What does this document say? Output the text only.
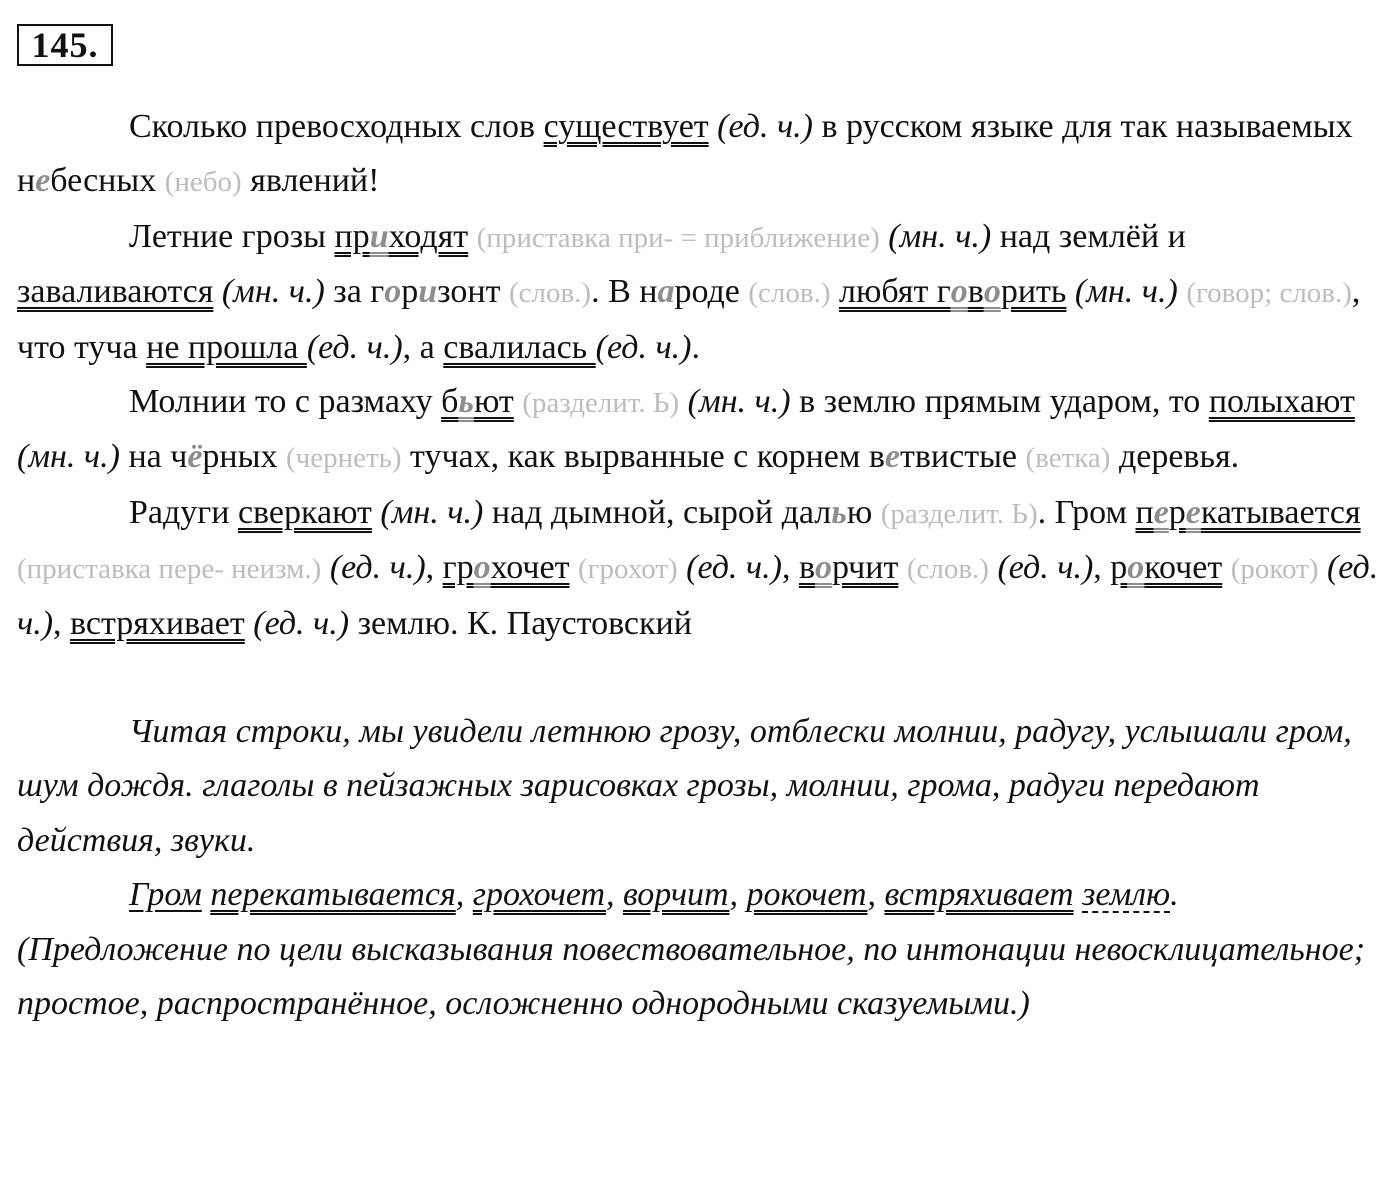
145.

Сколько превосходных слов существует (ед. ч.) в русском языке для так называемых небесных (небо) явлений!

Летние грозы приходят (приставка при- = приближение) (мн. ч.) над землёй и заваливаются (мн. ч.) за горизонт (слов.). В народе (слов.) любят говорить (мн. ч.) (говор; слов.), что туча не прошла (ед. ч.), а свалилась (ед. ч.).

Молнии то с размаху бьют (разделит. Ь) (мн. ч.) в землю прямым ударом, то полыхают (мн. ч.) на чёрных (чернеть) тучах, как вырванные с корнем ветвистые (ветка) деревья.

Радуги сверкают (мн. ч.) над дымной, сырой далью (разделит. Ь). Гром перекатывается (приставка пере- неизм.) (ед. ч.), грохочет (грохот) (ед. ч.), ворчит (слов.) (ед. ч.), рокочет (рокот) (ед. ч.), встряхивает (ед. ч.) землю. К. Паустовский

Читая строки, мы увидели летнюю грозу, отблески молнии, радугу, услышали гром, шум дождя. глаголы в пейзажных зарисовках грозы, молнии, грома, радуги передают действия, звуки.

Гром перекатывается, грохочет, ворчит, рокочет, встряхивает землю. (Предложение по цели высказывания повествовательное, по интонации невосклицательное; простое, распространённое, осложненно однородными сказуемыми.)
